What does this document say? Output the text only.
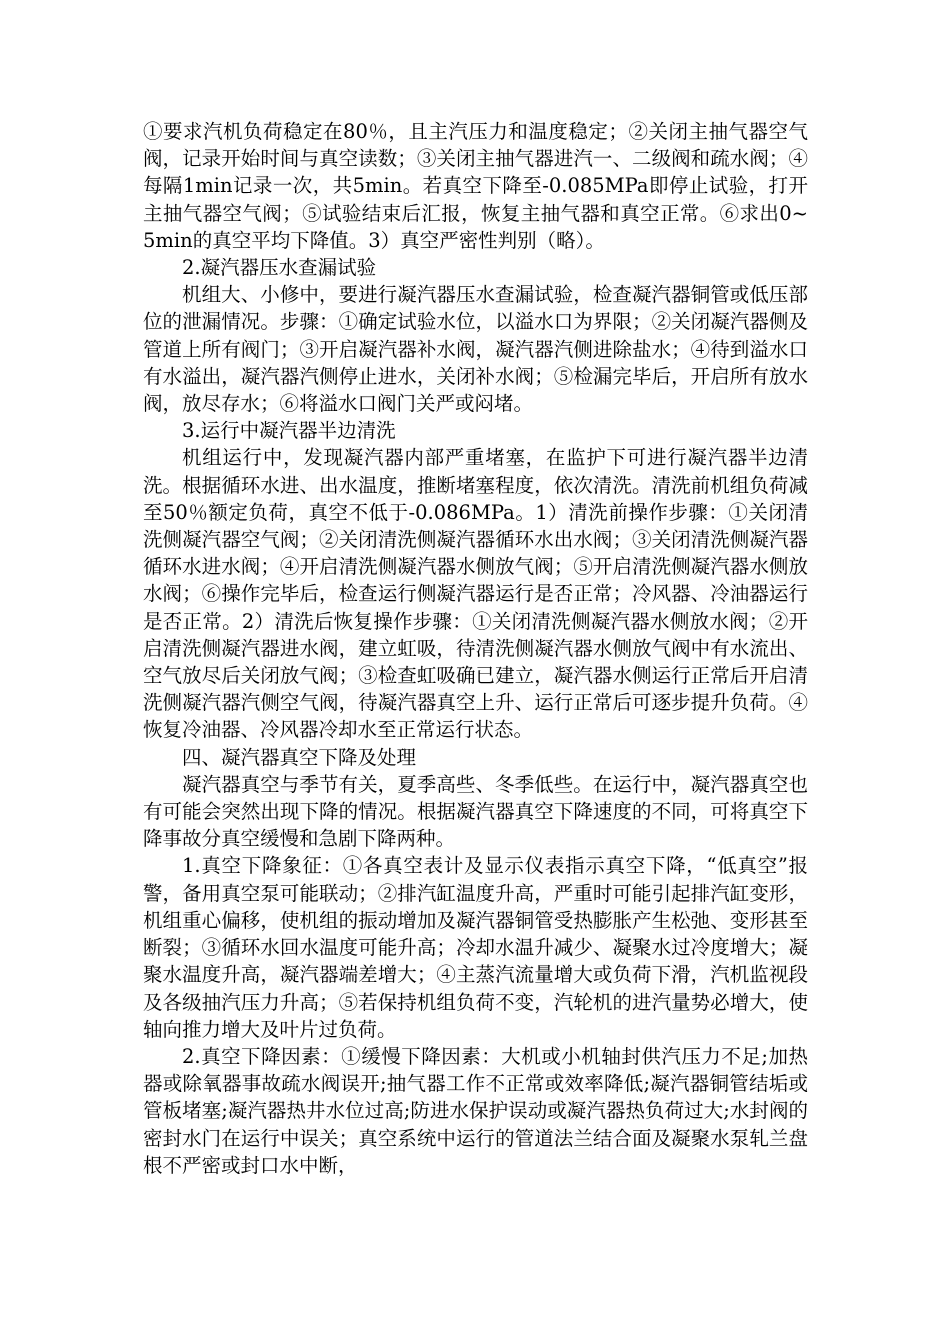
①要求汽机负荷稳定在80％，且主汽压力和温度稳定；②关闭主抽气器空气阀，记录开始时间与真空读数；③关闭主抽气器进汽一、二级阀和疏水阀；④每隔1min记录一次，共5min。若真空下降至-0.085MPa即停止试验，打开主抽气器空气阀；⑤试验结束后汇报，恢复主抽气器和真空正常。⑥求出0~5min的真空平均下降值。3）真空严密性判别（略）。

2.凝汽器压水查漏试验

机组大、小修中，要进行凝汽器压水查漏试验，检查凝汽器铜管或低压部位的泄漏情况。步骤：①确定试验水位，以溢水口为界限；②关闭凝汽器侧及管道上所有阀门；③开启凝汽器补水阀，凝汽器汽侧进除盐水；④待到溢水口有水溢出，凝汽器汽侧停止进水，关闭补水阀；⑤检漏完毕后，开启所有放水阀，放尽存水；⑥将溢水口阀门关严或闷堵。

3.运行中凝汽器半边清洗

机组运行中，发现凝汽器内部严重堵塞，在监护下可进行凝汽器半边清洗。根据循环水进、出水温度，推断堵塞程度，依次清洗。清洗前机组负荷减至50％额定负荷，真空不低于-0.086MPa。1）清洗前操作步骤：①关闭清洗侧凝汽器空气阀；②关闭清洗侧凝汽器循环水出水阀；③关闭清洗侧凝汽器循环水进水阀；④开启清洗侧凝汽器水侧放气阀；⑤开启清洗侧凝汽器水侧放水阀；⑥操作完毕后，检查运行侧凝汽器运行是否正常；冷风器、冷油器运行是否正常。2）清洗后恢复操作步骤：①关闭清洗侧凝汽器水侧放水阀；②开启清洗侧凝汽器进水阀，建立虹吸，待清洗侧凝汽器水侧放气阀中有水流出、空气放尽后关闭放气阀；③检查虹吸确已建立，凝汽器水侧运行正常后开启清洗侧凝汽器汽侧空气阀，待凝汽器真空上升、运行正常后可逐步提升负荷。④恢复冷油器、冷风器冷却水至正常运行状态。

四、凝汽器真空下降及处理

凝汽器真空与季节有关，夏季高些、冬季低些。在运行中，凝汽器真空也有可能会突然出现下降的情况。根据凝汽器真空下降速度的不同，可将真空下降事故分真空缓慢和急剧下降两种。

1.真空下降象征：①各真空表计及显示仪表指示真空下降，“低真空”报警，备用真空泵可能联动；②排汽缸温度升高，严重时可能引起排汽缸变形，机组重心偏移，使机组的振动增加及凝汽器铜管受热膨胀产生松弛、变形甚至断裂；③循环水回水温度可能升高；冷却水温升减少、凝聚水过冷度增大；凝聚水温度升高，凝汽器端差增大；④主蒸汽流量增大或负荷下滑，汽机监视段及各级抽汽压力升高；⑤若保持机组负荷不变，汽轮机的进汽量势必增大，使轴向推力增大及叶片过负荷。

2.真空下降因素：①缓慢下降因素：大机或小机轴封供汽压力不足;加热器或除氧器事故疏水阀误开;抽气器工作不正常或效率降低;凝汽器铜管结垢或管板堵塞;凝汽器热井水位过高;防进水保护误动或凝汽器热负荷过大;水封阀的密封水门在运行中误关；真空系统中运行的管道法兰结合面及凝聚水泵轧兰盘根不严密或封口水中断，
